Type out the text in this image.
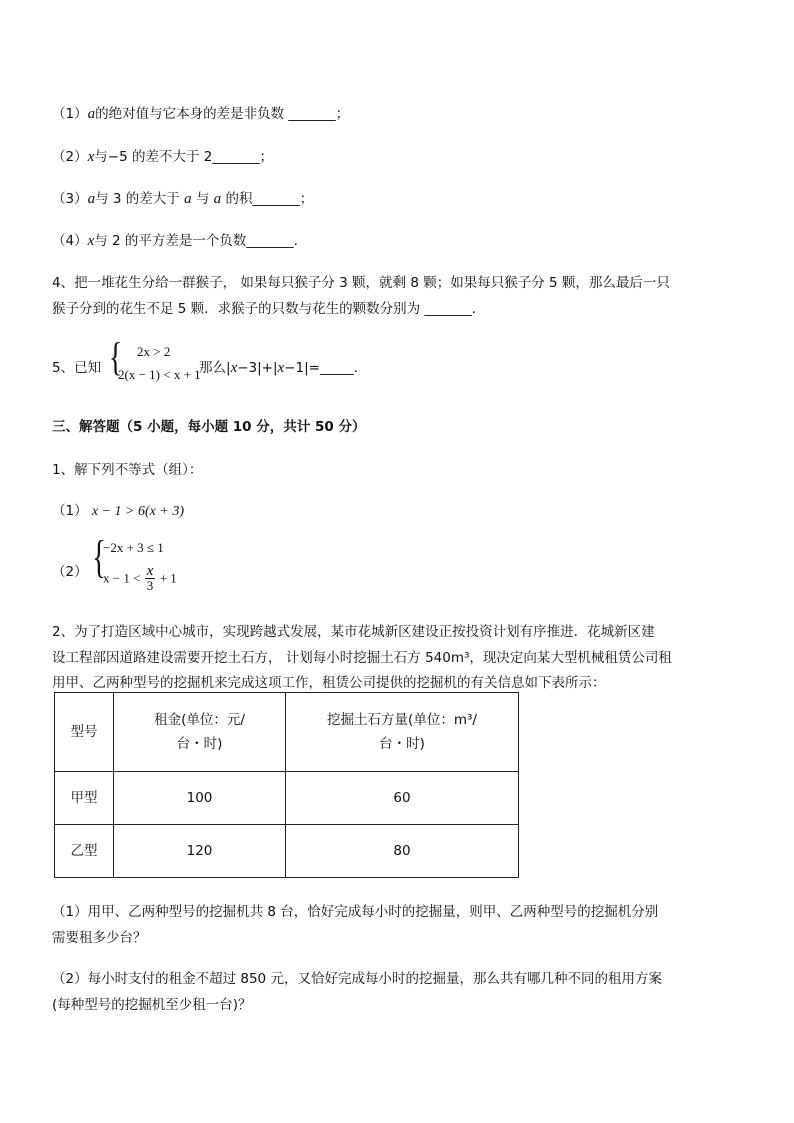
（1）a的绝对值与它本身的差是非负数 _______；
（2）x与−5 的差不大于 2_______；
（3）a与 3 的差大于 a 与 a 的积_______；
（4）x与 2 的平方差是一个负数_______.
4、把一堆花生分给一群猴子， 如果每只猴子分 3 颗，就剩 8 颗；如果每只猴子分 5 颗，那么最后一只
猴子分到的花生不足 5 颗．求猴子的只数与花生的颗数分别为 _______．
5、已知 { 2x > 2
2(x − 1) < x + 1
那么|x−3|+|x−1|=_____.
三、解答题（5 小题，每小题 10 分，共计 50 分）
1、解下列不等式（组）：
（1） x − 1 > 6(x + 3)
（2） {
−2x + 3 ≤ 1
$x - 1 < \frac{x}{3} + 1$
2、为了打造区域中心城市，实现跨越式发展，某市花城新区建设正按投资计划有序推进．花城新区建
设工程部因道路建设需要开挖土石方， 计划每小时挖掘土石方 540m³，现决定向某大型机械租赁公司租
用甲、乙两种型号的挖掘机来完成这项工作，租赁公司提供的挖掘机的有关信息如下表所示：
型号	租金(单位：元/
台・时)	挖掘土石方量(单位：m³/
台・时)
甲型	100	60
乙型	120	80
（1）用甲、乙两种型号的挖掘机共 8 台，恰好完成每小时的挖掘量，则甲、乙两种型号的挖掘机分别
需要租多少台？
（2）每小时支付的租金不超过 850 元，又恰好完成每小时的挖掘量，那么共有哪几种不同的租用方案
(每种型号的挖掘机至少租一台)？
